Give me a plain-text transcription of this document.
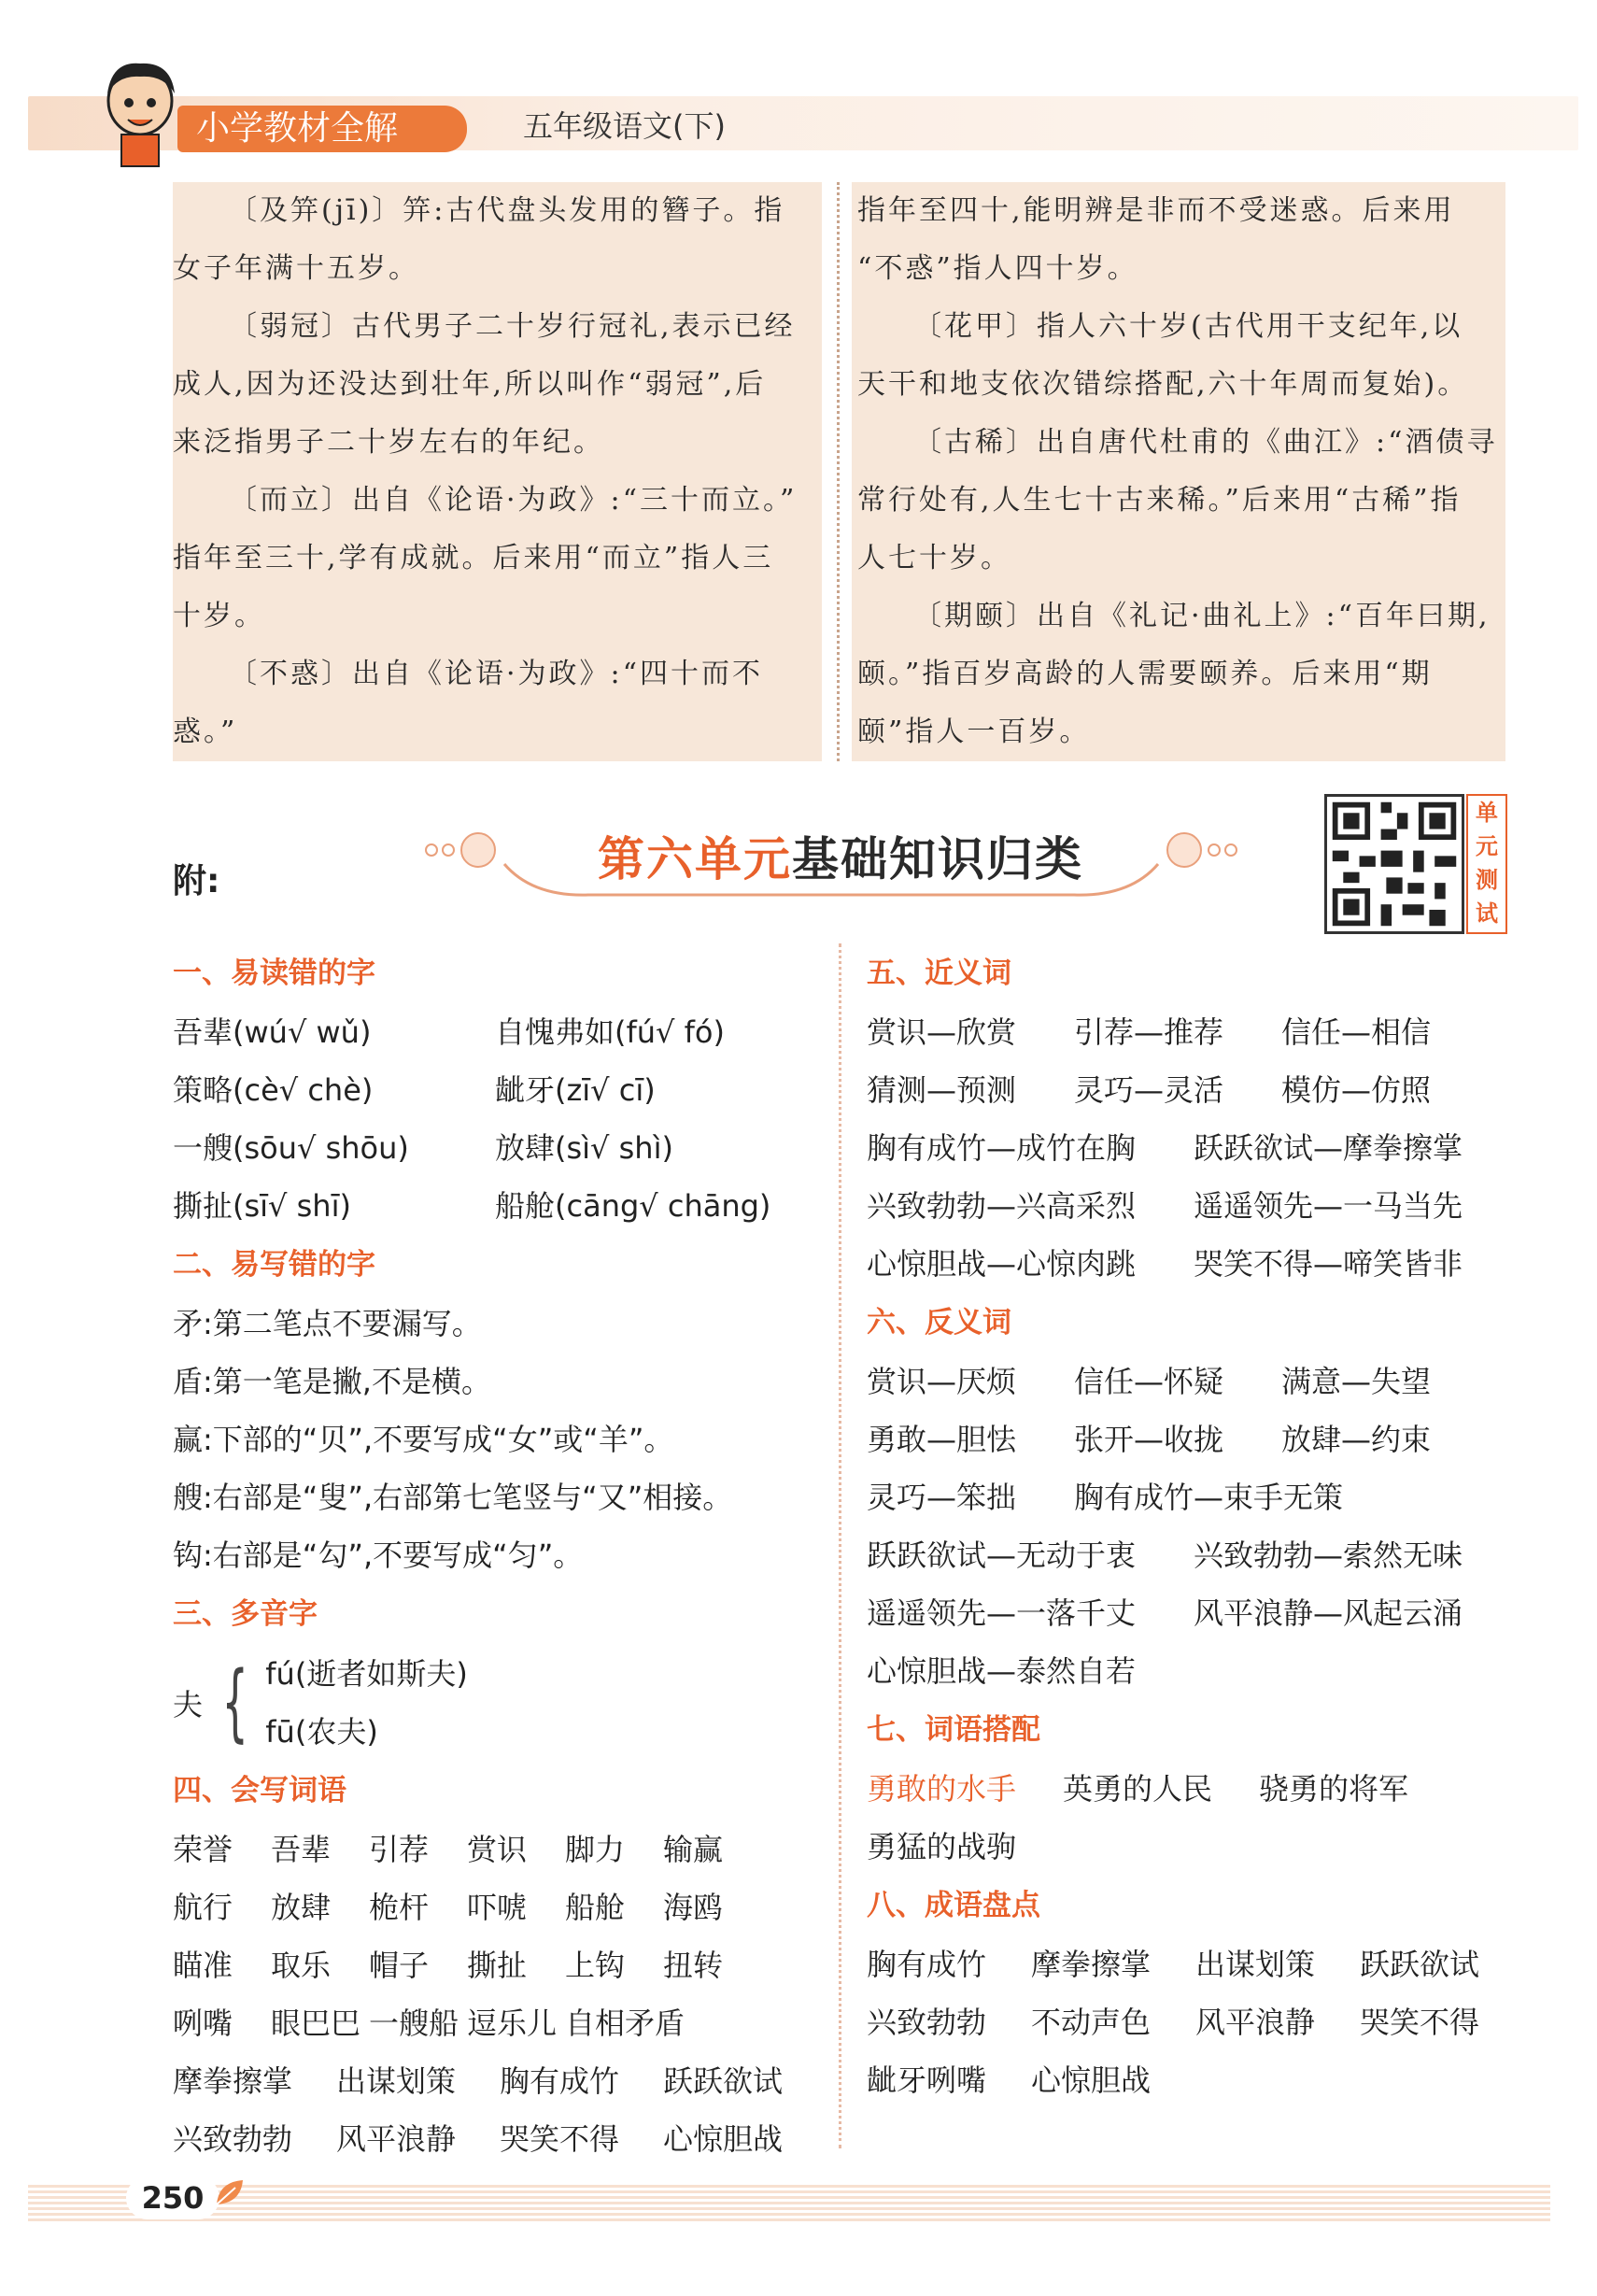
小学教材全解	五年级语文(下)

〔及笄(jī)〕笄:古代盘头发用的簪子。指

女子年满十五岁。

〔弱冠〕古代男子二十岁行冠礼,表示已经

成人,因为还没达到壮年,所以叫作“弱冠”,后

来泛指男子二十岁左右的年纪。

〔而立〕出自《论语·为政》:“三十而立。”

指年至三十,学有成就。后来用“而立”指人三

十岁。

〔不惑〕出自《论语·为政》:“四十而不惑。”

指年至四十,能明辨是非而不受迷惑。后来用

“不惑”指人四十岁。

〔花甲〕指人六十岁(古代用干支纪年,以

天干和地支依次错综搭配,六十年周而复始)。

〔古稀〕出自唐代杜甫的《曲江》:“酒债寻

常行处有,人生七十古来稀。”后来用“古稀”指

人七十岁。

〔期颐〕出自《礼记·曲礼上》:“百年曰期,

颐。”指百岁高龄的人需要颐养。后来用“期

颐”指人一百岁。

附:	第六单元基础知识归类
单元测试
一、易读错的字
吾辈(wú√ wǔ)	自愧弗如(fú√ fó)
策略(cè√ chè)	龇牙(zī√ cī)
一艘(sōu√ shōu)	放肆(sì√ shì)
撕扯(sī√ shī)	船舱(cāng√ chāng)
二、易写错的字
矛:第二笔点不要漏写。
盾:第一笔是撇,不是横。
赢:下部的“贝”,不要写成“女”或“羊”。
艘:右部是“叟”,右部第七笔竖与“又”相接。
钩:右部是“勾”,不要写成“匀”。
三、多音字
夫 { fú(逝者如斯夫)
fū(农夫)
四、会写词语
荣誉 吾辈 引荐 赏识 脚力 输赢
航行 放肆 桅杆 吓唬 船舱 海鸥
瞄准 取乐 帽子 撕扯 上钩 扭转
咧嘴 眼巴巴 一艘船 逗乐儿 自相矛盾
摩拳擦掌 出谋划策 胸有成竹 跃跃欲试
兴致勃勃 风平浪静 哭笑不得 心惊胆战
五、近义词
赏识—欣赏 引荐—推荐 信任—相信
猜测—预测 灵巧—灵活 模仿—仿照
胸有成竹—成竹在胸 跃跃欲试—摩拳擦掌
兴致勃勃—兴高采烈 遥遥领先—一马当先
心惊胆战—心惊肉跳 哭笑不得—啼笑皆非
六、反义词
赏识—厌烦 信任—怀疑 满意—失望
勇敢—胆怯 张开—收拢 放肆—约束
灵巧—笨拙 胸有成竹—束手无策
跃跃欲试—无动于衷 兴致勃勃—索然无味
遥遥领先—一落千丈 风平浪静—风起云涌
心惊胆战—泰然自若
七、词语搭配
勇敢的水手 英勇的人民 骁勇的将军
勇猛的战驹
八、成语盘点
胸有成竹 摩拳擦掌 出谋划策 跃跃欲试
兴致勃勃 不动声色 风平浪静 哭笑不得
龇牙咧嘴 心惊胆战
250
